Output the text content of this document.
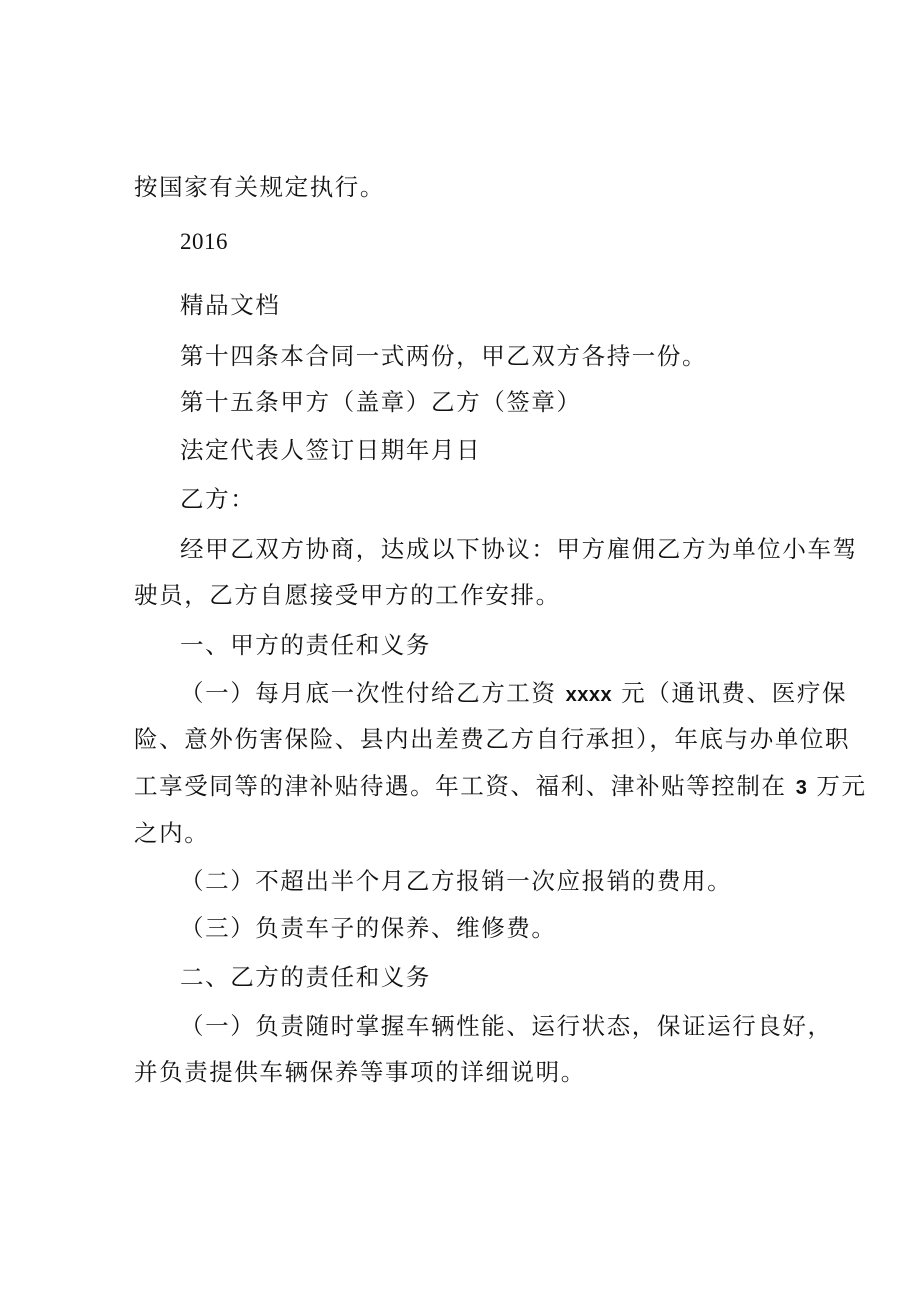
按国家有关规定执行。
2016
精品文档
第十四条本合同一式两份，甲乙双方各持一份。
第十五条甲方（盖章）乙方（签章）
法定代表人签订日期年月日
乙方：
经甲乙双方协商，达成以下协议：甲方雇佣乙方为单位小车驾
驶员，乙方自愿接受甲方的工作安排。
一、甲方的责任和义务
（一）每月底一次性付给乙方工资 xxxx 元（通讯费、医疗保
险、意外伤害保险、县内出差费乙方自行承担），年底与办单位职
工享受同等的津补贴待遇。年工资、福利、津补贴等控制在 3 万元
之内。
（二）不超出半个月乙方报销一次应报销的费用。
（三）负责车子的保养、维修费。
二、乙方的责任和义务
（一）负责随时掌握车辆性能、运行状态，保证运行良好，
并负责提供车辆保养等事项的详细说明。
